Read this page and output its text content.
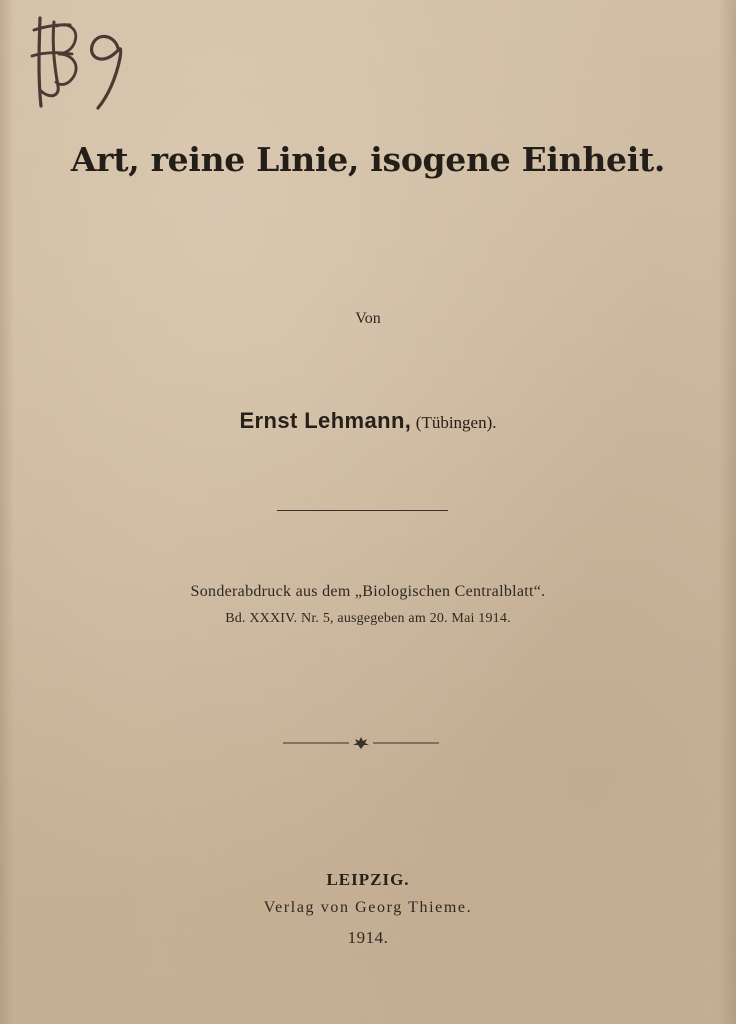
Art, reine Linie, isogene Einheit.
Von
Ernst Lehmann, (Tübingen).
Sonderabdruck aus dem „Biologischen Centralblatt“.
Bd. XXXIV. Nr. 5, ausgegeben am 20. Mai 1914.
LEIPZIG.
Verlag von Georg Thieme.
1914.
